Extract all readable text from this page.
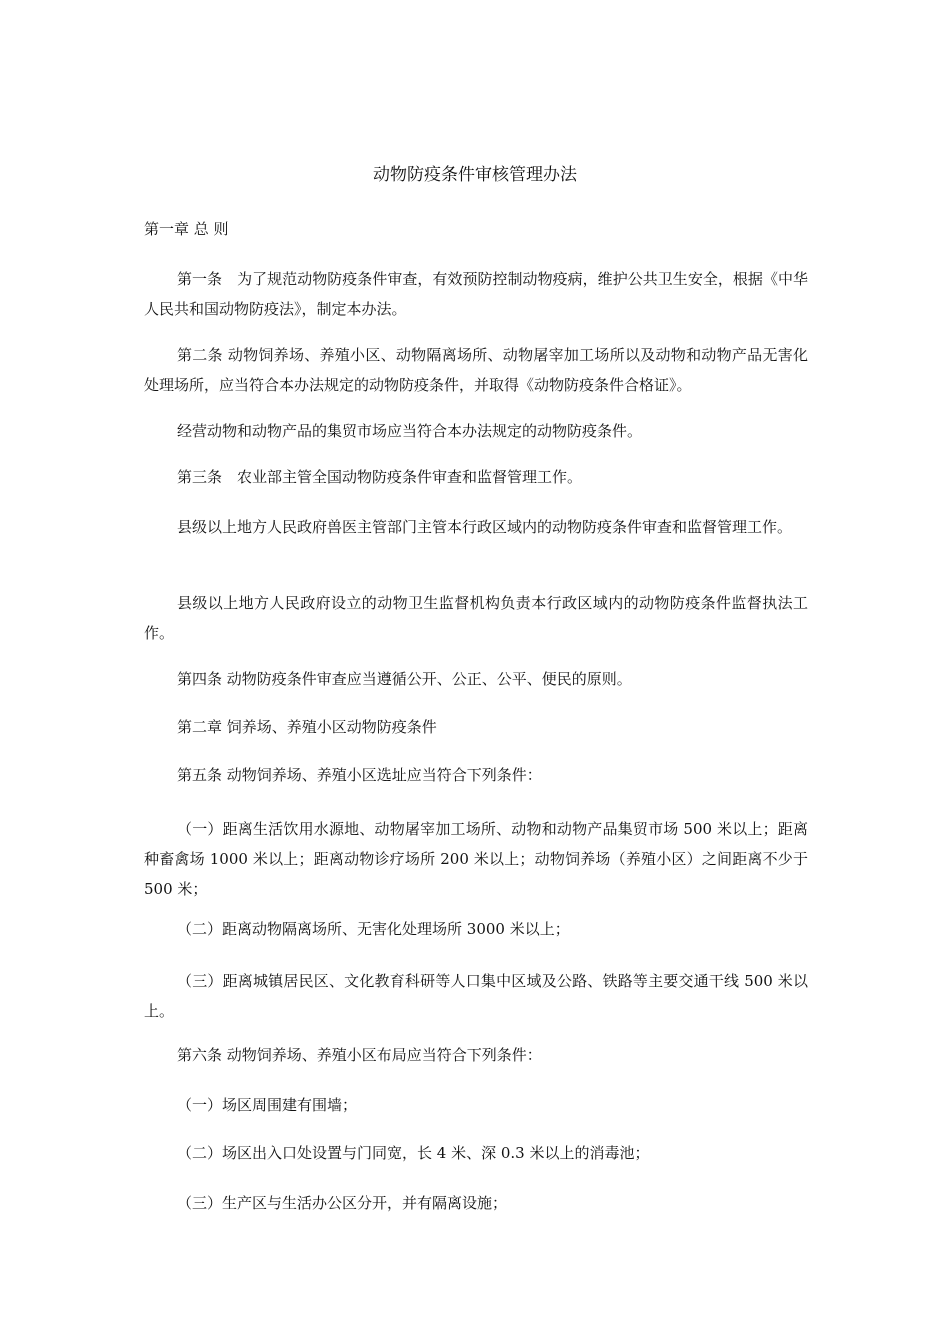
动物防疫条件审核管理办法

第一章 总 则

第一条　为了规范动物防疫条件审查，有效预防控制动物疫病，维护公共卫生安全，根据《中华人民共和国动物防疫法》，制定本办法。

第二条 动物饲养场、养殖小区、动物隔离场所、动物屠宰加工场所以及动物和动物产品无害化处理场所，应当符合本办法规定的动物防疫条件，并取得《动物防疫条件合格证》。

经营动物和动物产品的集贸市场应当符合本办法规定的动物防疫条件。

第三条　农业部主管全国动物防疫条件审查和监督管理工作。

县级以上地方人民政府兽医主管部门主管本行政区域内的动物防疫条件审查和监督管理工作。

县级以上地方人民政府设立的动物卫生监督机构负责本行政区域内的动物防疫条件监督执法工作。

第四条 动物防疫条件审查应当遵循公开、公正、公平、便民的原则。

第二章 饲养场、养殖小区动物防疫条件

第五条 动物饲养场、养殖小区选址应当符合下列条件：

（一）距离生活饮用水源地、动物屠宰加工场所、动物和动物产品集贸市场 500 米以上；距离种畜禽场 1000 米以上；距离动物诊疗场所 200 米以上；动物饲养场（养殖小区）之间距离不少于 500 米；

（二）距离动物隔离场所、无害化处理场所 3000 米以上；

（三）距离城镇居民区、文化教育科研等人口集中区域及公路、铁路等主要交通干线 500 米以上。

第六条 动物饲养场、养殖小区布局应当符合下列条件：

（一）场区周围建有围墙；

（二）场区出入口处设置与门同宽，长 4 米、深 0.3 米以上的消毒池；

（三）生产区与生活办公区分开，并有隔离设施；
